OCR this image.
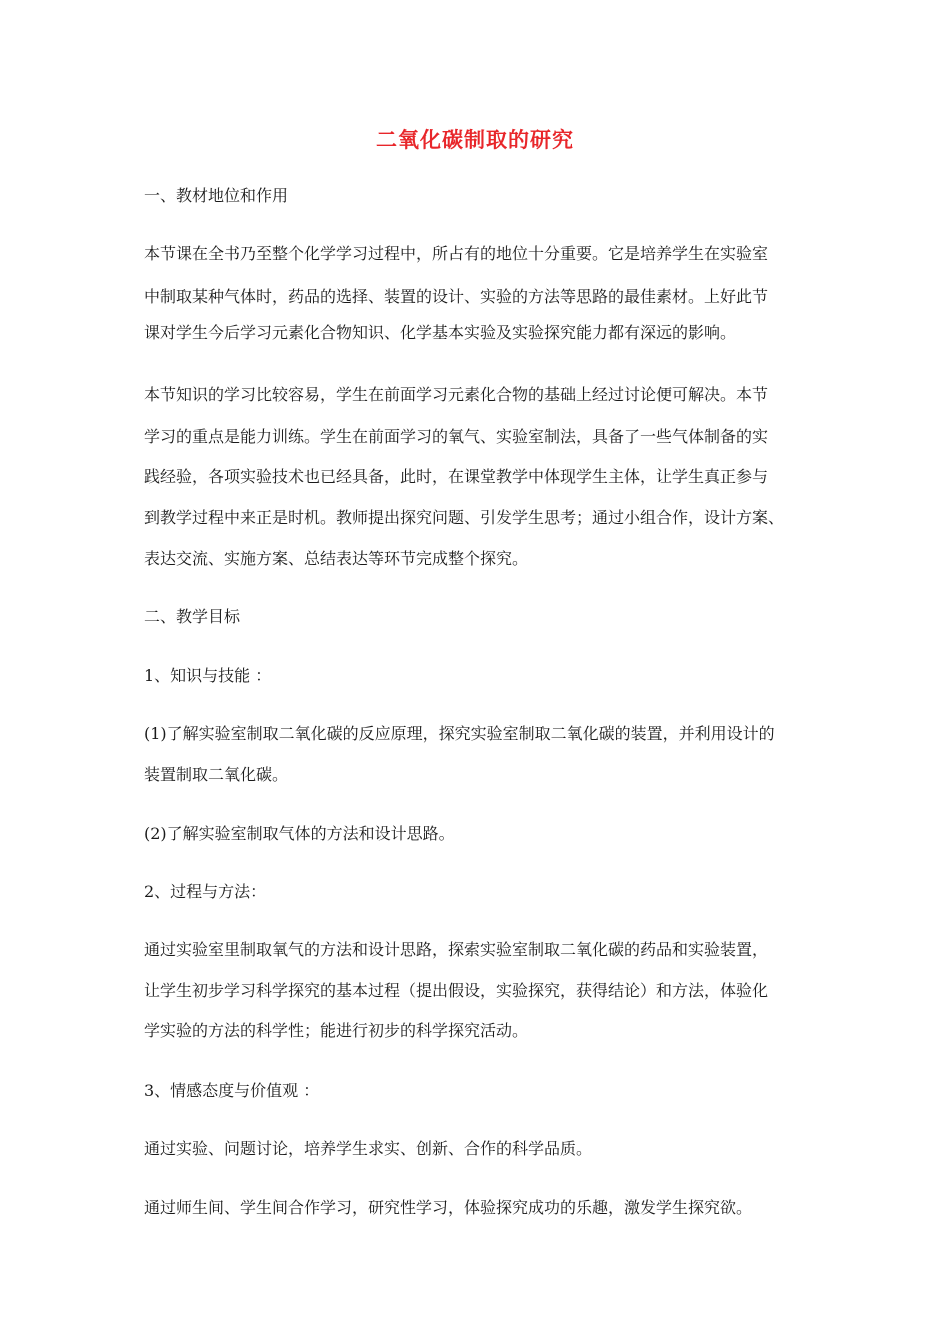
二氧化碳制取的研究
一、教材地位和作用
本节课在全书乃至整个化学学习过程中，所占有的地位十分重要。它是培养学生在实验室
中制取某种气体时，药品的选择、装置的设计、实验的方法等思路的最佳素材。上好此节
课对学生今后学习元素化合物知识、化学基本实验及实验探究能力都有深远的影响。
本节知识的学习比较容易，学生在前面学习元素化合物的基础上经过讨论便可解决。本节
学习的重点是能力训练。学生在前面学习的氧气、实验室制法，具备了一些气体制备的实
践经验，各项实验技术也已经具备，此时，在课堂教学中体现学生主体，让学生真正参与
到教学过程中来正是时机。教师提出探究问题、引发学生思考；通过小组合作，设计方案、
表达交流、实施方案、总结表达等环节完成整个探究。
二、教学目标
1、知识与技能 ：
(1)了解实验室制取二氧化碳的反应原理，探究实验室制取二氧化碳的装置，并利用设计的
装置制取二氧化碳。
(2)了解实验室制取气体的方法和设计思路。
2、过程与方法：
通过实验室里制取氧气的方法和设计思路，探索实验室制取二氧化碳的药品和实验装置，
让学生初步学习科学探究的基本过程（提出假设，实验探究，获得结论）和方法，体验化
学实验的方法的科学性；能进行初步的科学探究活动。
3、情感态度与价值观 ：
通过实验、问题讨论，培养学生求实、创新、合作的科学品质。
通过师生间、学生间合作学习，研究性学习，体验探究成功的乐趣，激发学生探究欲。
